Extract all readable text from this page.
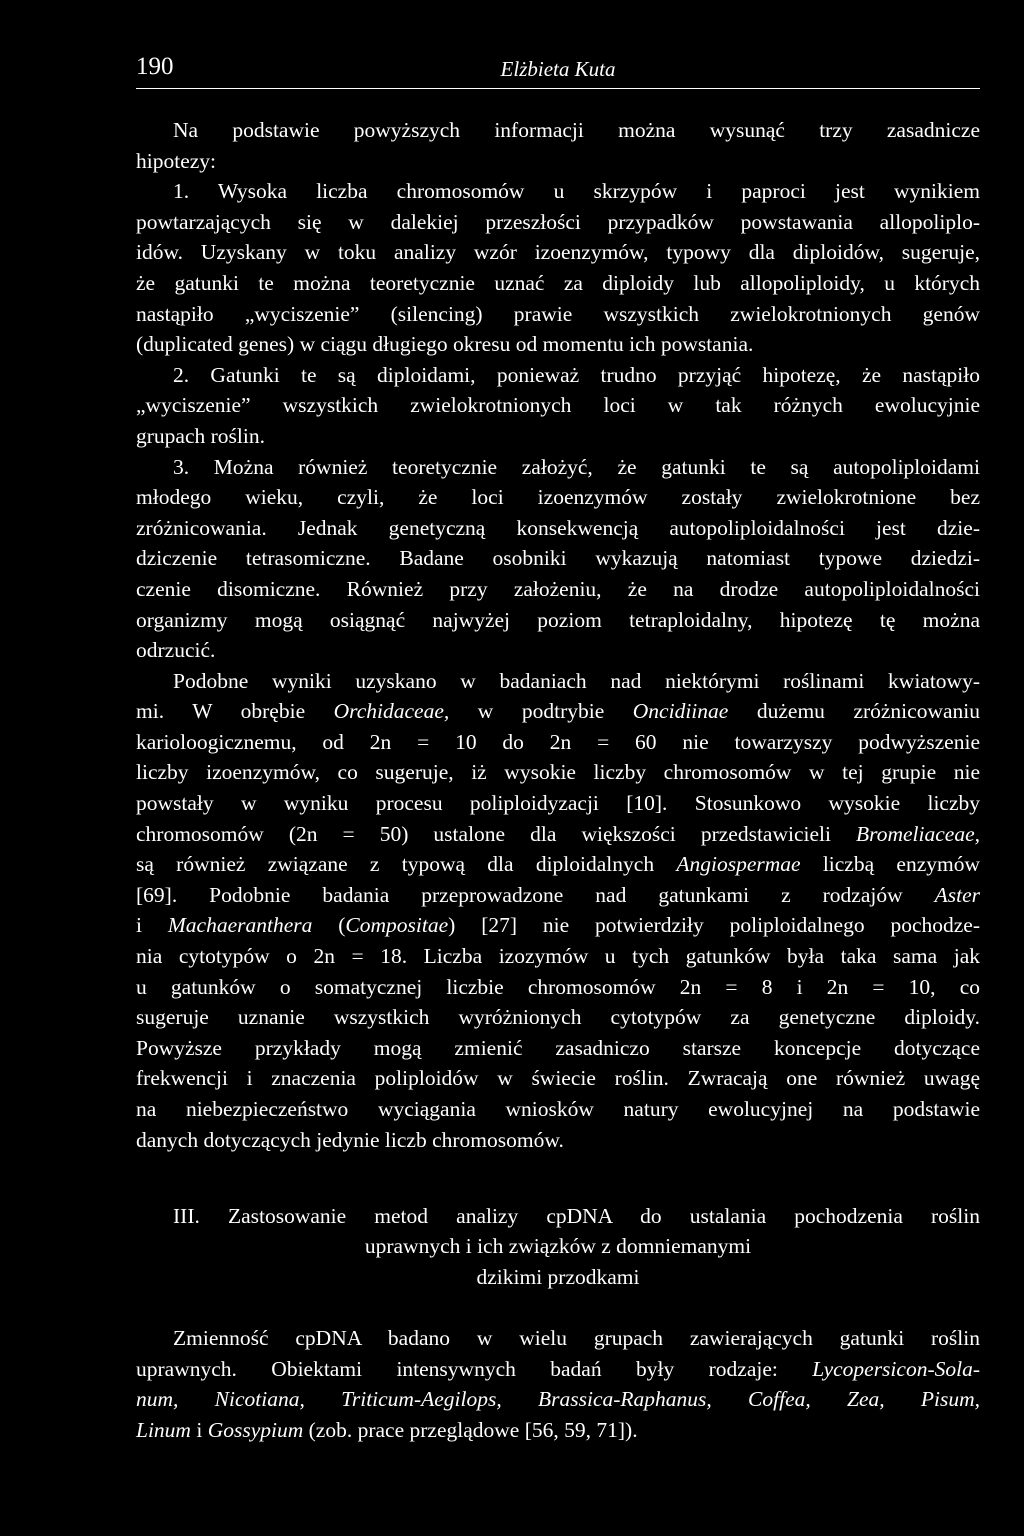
190	Elżbieta Kuta
Na podstawie powyższych informacji można wysunąć trzy zasadnicze
hipotezy:
1. Wysoka liczba chromosomów u skrzypów i paproci jest wynikiem
powtarzających się w dalekiej przeszłości przypadków powstawania allopoliplo-
idów. Uzyskany w toku analizy wzór izoenzymów, typowy dla diploidów, sugeruje,
że gatunki te można teoretycznie uznać za diploidy lub allopoliploidy, u których
nastąpiło „wyciszenie” (silencing) prawie wszystkich zwielokrotnionych genów
(duplicated genes) w ciągu długiego okresu od momentu ich powstania.
2. Gatunki te są diploidami, ponieważ trudno przyjąć hipotezę, że nastąpiło
„wyciszenie” wszystkich zwielokrotnionych loci w tak różnych ewolucyjnie
grupach roślin.
3. Można również teoretycznie założyć, że gatunki te są autopoliploidami
młodego wieku, czyli, że loci izoenzymów zostały zwielokrotnione bez
zróżnicowania. Jednak genetyczną konsekwencją autopoliploidalności jest dzie-
dziczenie tetrasomiczne. Badane osobniki wykazują natomiast typowe dziedzi-
czenie disomiczne. Również przy założeniu, że na drodze autopoliploidalności
organizmy mogą osiągnąć najwyżej poziom tetraploidalny, hipotezę tę można
odrzucić.
Podobne wyniki uzyskano w badaniach nad niektórymi roślinami kwiatowy-
mi. W obrębie Orchidaceae, w podtrybie Oncidiinae dużemu zróżnicowaniu
karioloogicznemu, od 2n = 10 do 2n = 60 nie towarzyszy podwyższenie
liczby izoenzymów, co sugeruje, iż wysokie liczby chromosomów w tej grupie nie
powstały w wyniku procesu poliploidyzacji [10]. Stosunkowo wysokie liczby
chromosomów (2n = 50) ustalone dla większości przedstawicieli Bromeliaceae,
są również związane z typową dla diploidalnych Angiospermae liczbą enzymów
[69]. Podobnie badania przeprowadzone nad gatunkami z rodzajów Aster
i Machaeranthera (Compositae) [27] nie potwierdziły poliploidalnego pochodze-
nia cytotypów o 2n = 18. Liczba izozymów u tych gatunków była taka sama jak
u gatunków o somatycznej liczbie chromosomów 2n = 8 i 2n = 10, co
sugeruje uznanie wszystkich wyróżnionych cytotypów za genetyczne diploidy.
Powyższe przykłady mogą zmienić zasadniczo starsze koncepcje dotyczące
frekwencji i znaczenia poliploidów w świecie roślin. Zwracają one również uwagę
na niebezpieczeństwo wyciągania wniosków natury ewolucyjnej na podstawie
danych dotyczących jedynie liczb chromosomów.
III. Zastosowanie metod analizy cpDNA do ustalania pochodzenia roślin
uprawnych i ich związków z domniemanymi
dzikimi przodkami
Zmienność cpDNA badano w wielu grupach zawierających gatunki roślin
uprawnych. Obiektami intensywnych badań były rodzaje: Lycopersicon-Sola-
num, Nicotiana, Triticum-Aegilops, Brassica-Raphanus, Coffea, Zea, Pisum,
Linum i Gossypium (zob. prace przeglądowe [56, 59, 71]).
